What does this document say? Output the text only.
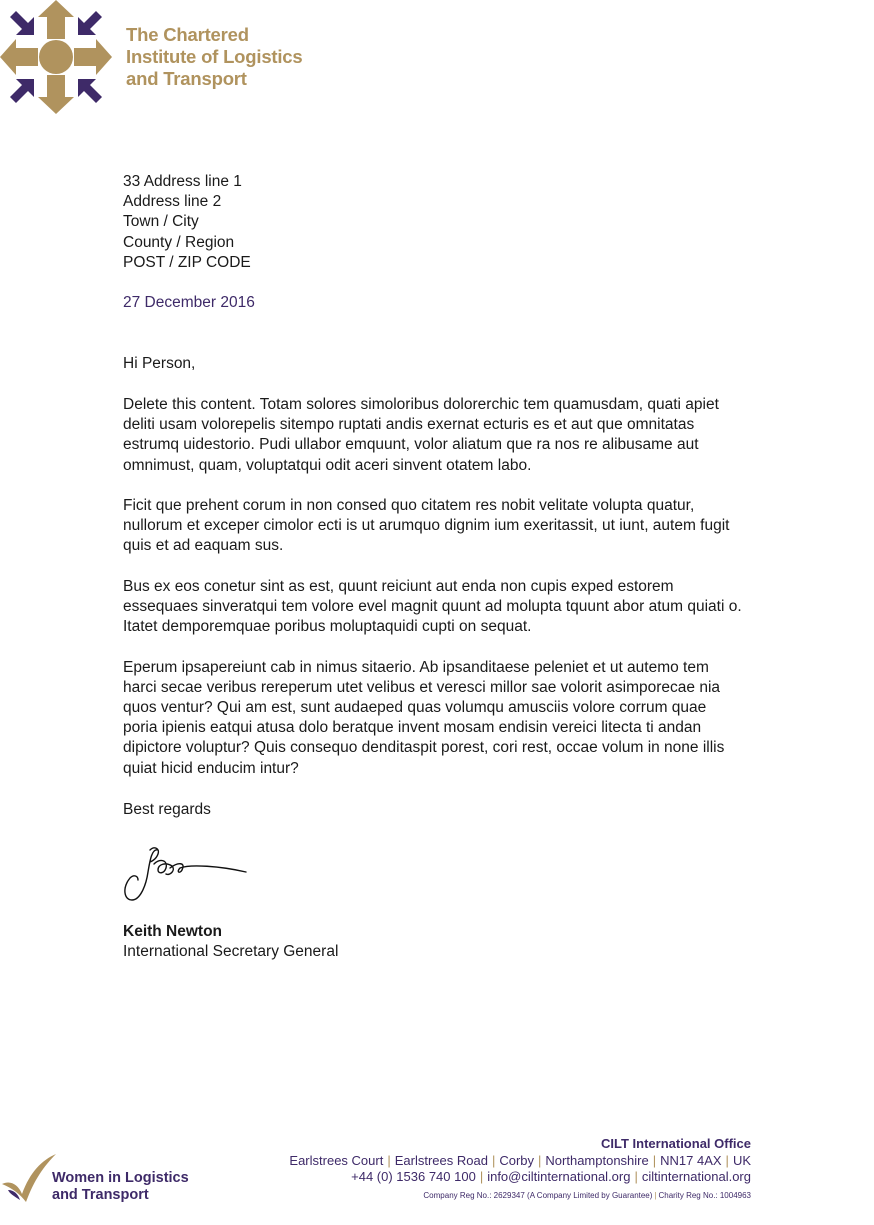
The Chartered
Institute of Logistics
and Transport
33 Address line 1
Address line 2
Town / City
County / Region
POST / ZIP CODE
27 December 2016
Hi Person,

Delete this content. Totam solores simoloribus dolorerchic tem quamusdam, quati apiet deliti usam volorepelis sitempo ruptati andis exernat ecturis es et aut que omnitatas estrumq uidestorio. Pudi ullabor emquunt, volor aliatum que ra nos re alibusame aut omnimust, quam, voluptatqui odit aceri sinvent otatem labo.

Ficit que prehent corum in non consed quo citatem res nobit velitate volupta quatur, nullorum et exceper cimolor ecti is ut arumquo dignim ium exeritassit, ut iunt, autem fugit quis et ad eaquam sus.

Bus ex eos conetur sint as est, quunt reiciunt aut enda non cupis exped estorem essequaes sinveratqui tem volore evel magnit quunt ad molupta tquunt abor atum quiati o. Itatet demporemquae poribus moluptaquidi cupti on sequat.

Eperum ipsapereiunt cab in nimus sitaerio. Ab ipsanditaese peleniet et ut autemo tem harci secae veribus rereperum utet velibus et veresci millor sae volorit asimporecae nia quos ventur? Qui am est, sunt audaeped quas volumqu amusciis volore corrum quae poria ipienis eatqui atusa dolo beratque invent mosam endisin vereici litecta ti andan dipictore voluptur? Quis consequo denditaspit porest, cori rest, occae volum in none illis quiat hicid enducim intur?

Best regards
Keith Newton
International Secretary General
Women in Logistics
and Transport
CILT International Office
Earlstrees Court | Earlstrees Road | Corby | Northamptonshire | NN17 4AX | UK
+44 (0) 1536 740 100 | info@ciltinternational.org | ciltinternational.org
Company Reg No.: 2629347 (A Company Limited by Guarantee) | Charity Reg No.: 1004963
